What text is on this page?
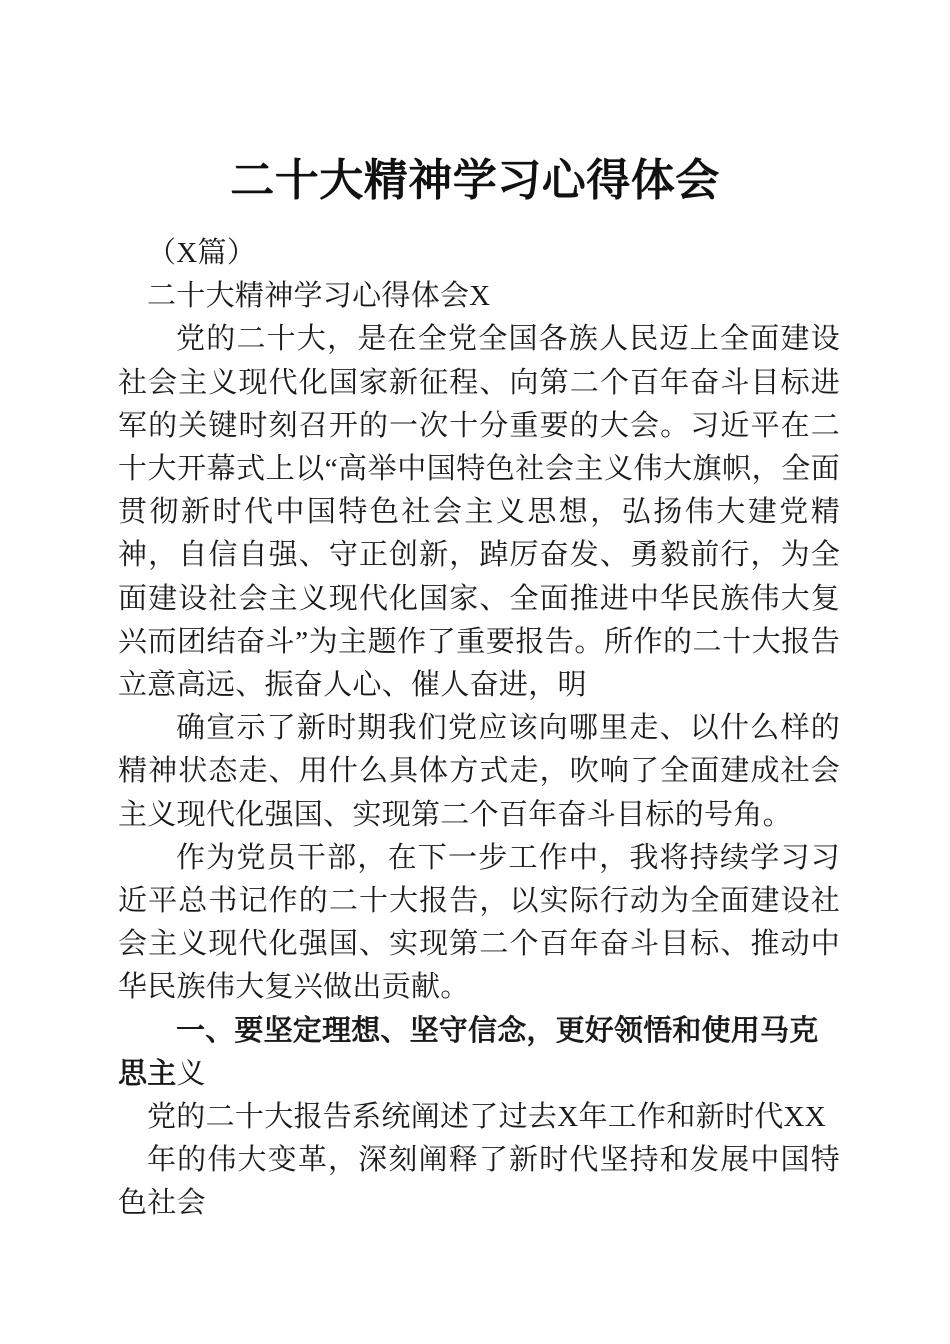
二十大精神学习心得体会

（X篇）

二十大精神学习心得体会X

党的二十大，是在全党全国各族人民迈上全面建设社会主义现代化国家新征程、向第二个百年奋斗目标进军的关键时刻召开的一次十分重要的大会。习近平在二十大开幕式上以“高举中国特色社会主义伟大旗帜，全面贯彻新时代中国特色社会主义思想，弘扬伟大建党精神，自信自强、守正创新，踔厉奋发、勇毅前行，为全面建设社会主义现代化国家、全面推进中华民族伟大复兴而团结奋斗”为主题作了重要报告。所作的二十大报告立意高远、振奋人心、催人奋进，明

确宣示了新时期我们党应该向哪里走、以什么样的精神状态走、用什么具体方式走，吹响了全面建成社会主义现代化强国、实现第二个百年奋斗目标的号角。

作为党员干部，在下一步工作中，我将持续学习习近平总书记作的二十大报告，以实际行动为全面建设社会主义现代化强国、实现第二个百年奋斗目标、推动中华民族伟大复兴做出贡献。

一、要坚定理想、坚守信念，更好领悟和使用马克思主义

党的二十大报告系统阐述了过去X年工作和新时代XX

年的伟大变革，深刻阐释了新时代坚持和发展中国特色社会
